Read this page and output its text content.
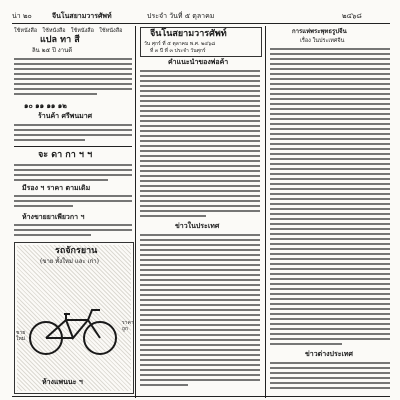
น่า ๒๐	จีนโนสยามวารศัพท์	ประจำ วันที่ ๕ ตุลาคม	๒๔๖๘
ใช้หนังสือ ใช้หนังสือ ใช้หนังสือ ใช้หนังสือ
แปล ทา สี
ลิน ๒๕ ปี งานดี
๑๐ ๑๑ ๑๑ ๑๒
ร้านค้า ศรีพนมาศ
จะ ดา กา ฯ ฯ
มีรอง ฯ ราคา ตามเดิม
ห้างขายยาเพียวกา ฯ
รถจักรยาน
(ขาย ทั้งใหม่ และ เก่า)
ขาย ใหม่
ราคาถูก
ห้างแพนนะ ฯ
จีนโนสยามวารศัพท์
วัน ศุกร์ ที่ ๕ ตุลาคม พ.ศ. ๒๔๖๘
ที่ ๓ ปี ที่ ๓ ประจำ วันศุกร์
คำแนะนำของพ่อค้า
ข่าวในประเทศ
การแห่พระพุทธรูปจีน
เรื่อง ในประเทศจีน
ข่าวต่างประเทศ
